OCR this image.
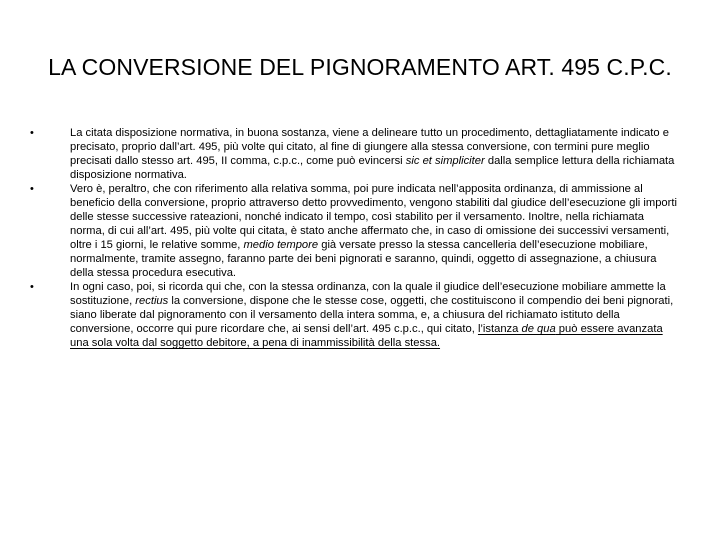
LA CONVERSIONE DEL PIGNORAMENTO ART. 495 C.P.C.
•	La citata disposizione normativa, in buona sostanza, viene a delineare tutto un procedimento, dettagliatamente indicato e precisato, proprio dall’art. 495, più volte qui citato, al fine di giungere alla stessa conversione, con termini pure meglio precisati dallo stesso art. 495, II comma, c.p.c., come può evincersi sic et simpliciter dalla semplice lettura della richiamata disposizione normativa.
•	Vero è, peraltro, che con riferimento alla relativa somma, poi pure indicata nell’apposita ordinanza, di ammissione al beneficio della conversione, proprio attraverso detto provvedimento, vengono stabiliti dal giudice dell’esecuzione gli importi delle stesse successive rateazioni, nonché indicato il tempo, così stabilito per il versamento. Inoltre, nella richiamata norma, di cui all’art. 495, più volte qui citata, è stato anche affermato che, in caso di omissione dei successivi versamenti, oltre i 15 giorni, le relative somme, medio tempore già versate presso la stessa cancelleria dell’esecuzione mobiliare, normalmente, tramite assegno, faranno parte dei beni pignorati e saranno, quindi, oggetto di assegnazione, a chiusura della stessa procedura esecutiva.
•	In ogni caso, poi, si ricorda qui che, con la stessa ordinanza, con la quale il giudice dell’esecuzione mobiliare ammette la sostituzione, rectius la conversione, dispone che le stesse cose, oggetti, che costituiscono il compendio dei beni pignorati, siano liberate dal pignoramento con il versamento della intera somma, e, a chiusura del richiamato istituto della conversione, occorre qui pure ricordare che, ai sensi dell’art. 495 c.p.c., qui citato, l’istanza de qua può essere avanzata una sola volta dal soggetto debitore, a pena di inammissibilità della stessa.
